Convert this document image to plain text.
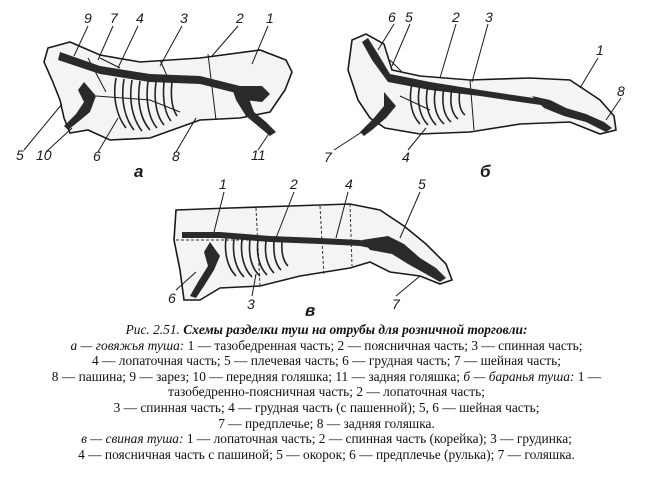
9 7 4	3	2 1
5 10	6	8	11
а
6 5	2 3
1
8
7	4
б
1	2	4	5
6	3	7
в
Рис. 2.51. Схемы разделки туш на отрубы для розничной торговли:
а — говяжья туша: 1 — тазобедренная часть; 2 — поясничная часть; 3 — спинная часть;
4 — лопаточная часть; 5 — плечевая часть; 6 — грудная часть; 7 — шейная часть;
8 — пашина; 9 — зарез; 10 — передняя голяшка; 11 — задняя голяшка; б — баранья туша: 1 —
тазобедренно-поясничная часть; 2 — лопаточная часть;
3 — спинная часть; 4 — грудная часть (с пашенной); 5, 6 — шейная часть;
7 — предплечье; 8 — задняя голяшка.
в — свиная туша: 1 — лопаточная часть; 2 — спинная часть (корейка); 3 — грудинка;
4 — поясничная часть с пашиной; 5 — окорок; 6 — предплечье (рулька); 7 — голяшка.
